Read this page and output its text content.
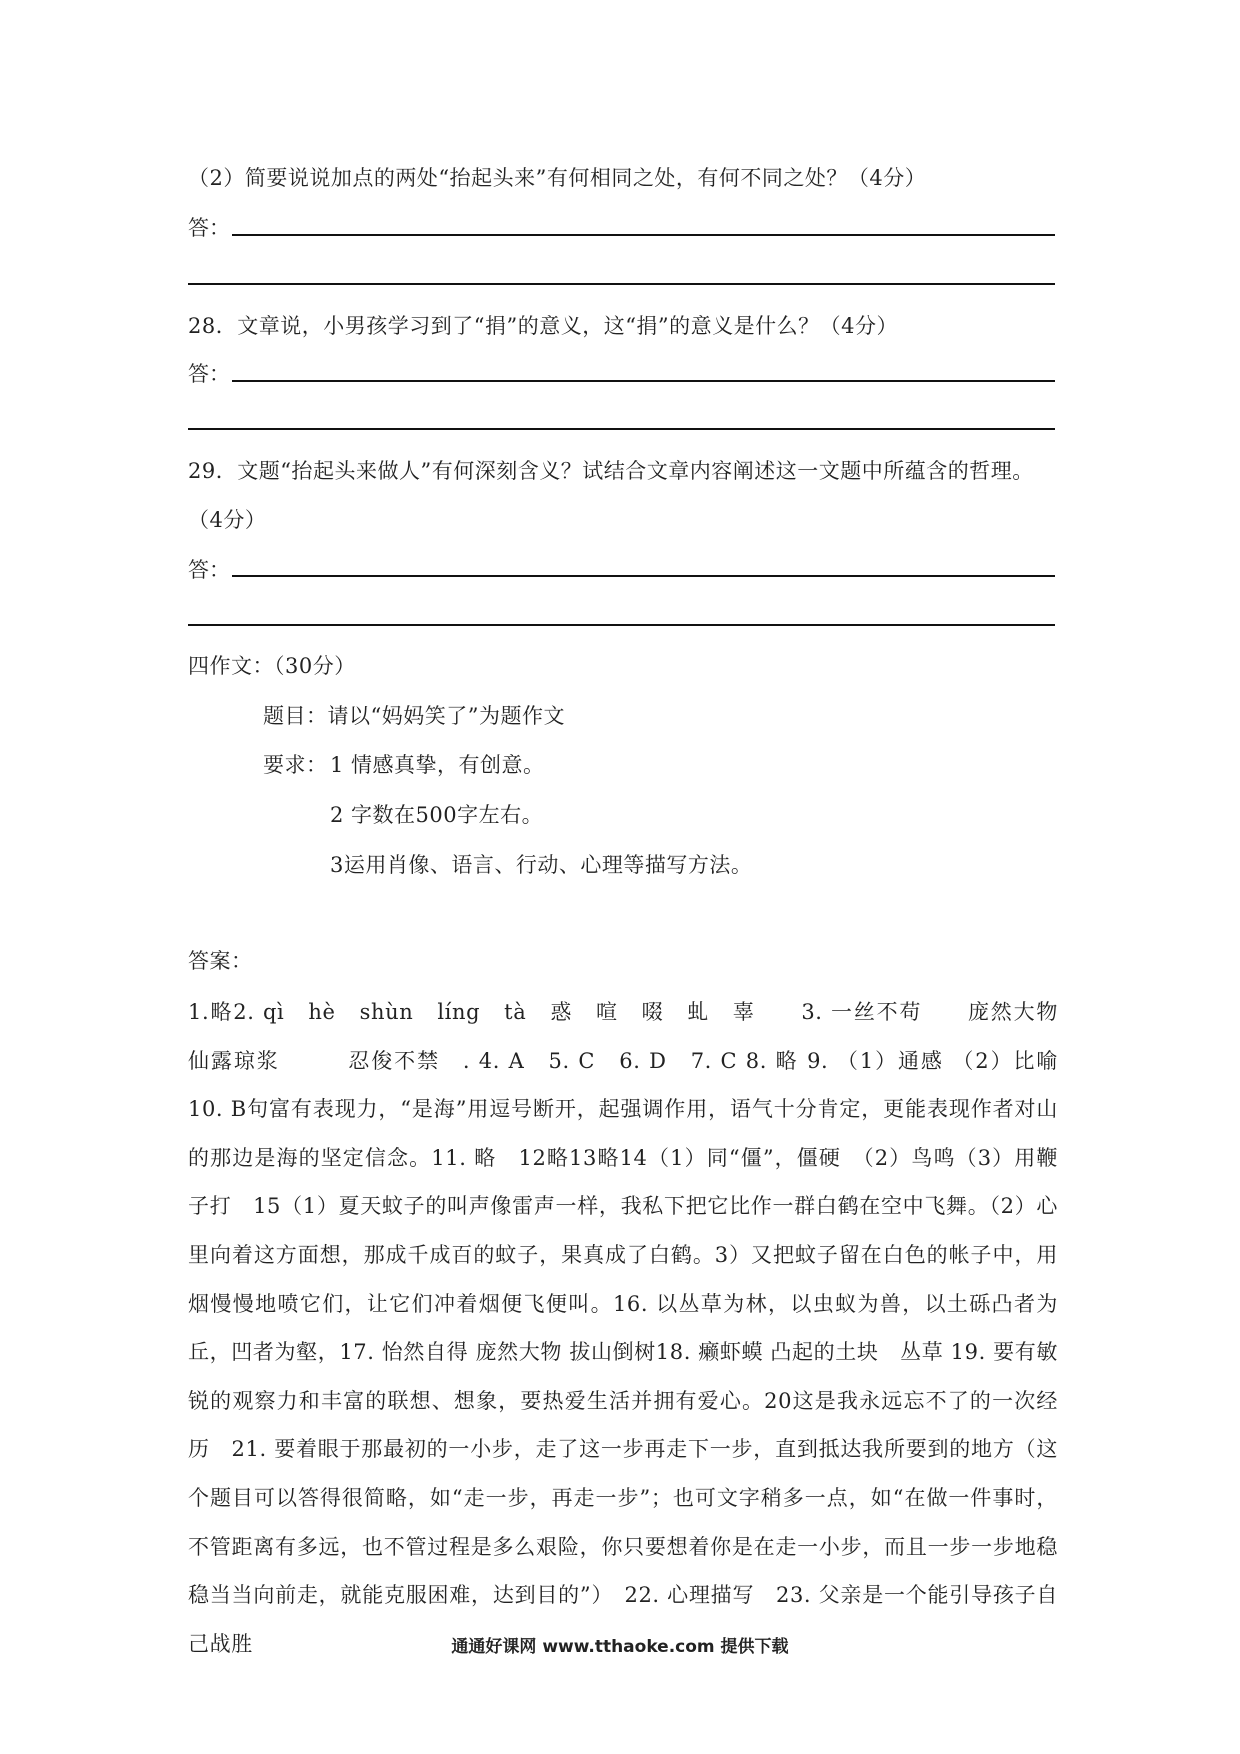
（2）简要说说加点的两处“抬起头来”有何相同之处，有何不同之处？（4分）
答：
28．文章说，小男孩学习到了“捐”的意义，这“捐”的意义是什么？（4分）
答：
29．文题“抬起头来做人”有何深刻含义？试结合文章内容阐述这一文题中所蕴含的哲理。
（4分）
答：
四作文：（30分）
题目：请以“妈妈笑了”为题作文
要求： 1 情感真挚，有创意。
2 字数在500字左右。
3运用肖像、语言、行动、心理等描写方法。
答案：
1.略2. qì　hè　shùn　líng　tà　惑　喧　啜　虬　辜　　3. 一丝不苟　　庞然大物　　仙露琼浆　　　忍俊不禁　. 4. A　5. C　6. D　7. C 8. 略 9. （1）通感 （2）比喻　10. B句富有表现力，“是海”用逗号断开，起强调作用，语气十分肯定，更能表现作者对山的那边是海的坚定信念。11. 略　12略13略14（1）同“僵”，僵硬　（2）鸟鸣（3）用鞭子打　15（1）夏天蚊子的叫声像雷声一样，我私下把它比作一群白鹤在空中飞舞。（2）心里向着这方面想，那成千成百的蚊子，果真成了白鹤。3）又把蚊子留在白色的帐子中，用烟慢慢地喷它们，让它们冲着烟便飞便叫。16. 以丛草为林，以虫蚁为兽，以土砾凸者为丘，凹者为壑，17. 怡然自得 庞然大物 拔山倒树18. 癞虾蟆 凸起的土块　丛草 19. 要有敏锐的观察力和丰富的联想、想象，要热爱生活并拥有爱心。20这是我永远忘不了的一次经历　21. 要着眼于那最初的一小步，走了这一步再走下一步，直到抵达我所要到的地方（这个题目可以答得很简略，如“走一步，再走一步”；也可文字稍多一点，如“在做一件事时，不管距离有多远，也不管过程是多么艰险，你只要想着你是在走一小步，而且一步一步地稳稳当当向前走，就能克服困难，达到目的”）　22. 心理描写　23. 父亲是一个能引导孩子自己战胜	通通好课网 www.tthaoke.com 提供下载
